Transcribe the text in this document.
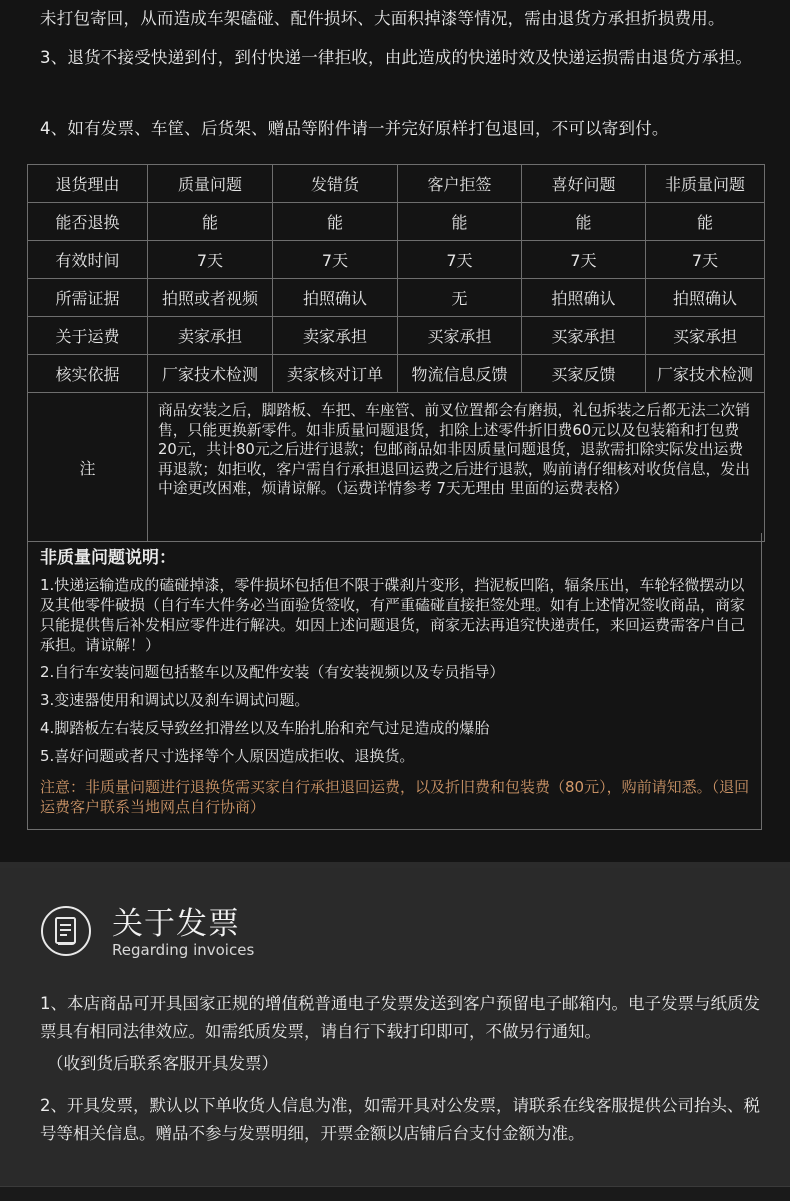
未打包寄回，从而造成车架磕碰、配件损坏、大面积掉漆等情况，需由退货方承担折损费用。
3、退货不接受快递到付，到付快递一律拒收，由此造成的快递时效及快递运损需由退货方承担。
4、如有发票、车筐、后货架、赠品等附件请一并完好原样打包退回，不可以寄到付。
退货理由	质量问题	发错货	客户拒签	喜好问题	非质量问题
能否退换	能	能	能	能	能
有效时间	7天	7天	7天	7天	7天
所需证据	拍照或者视频	拍照确认	无	拍照确认	拍照确认
关于运费	卖家承担	卖家承担	买家承担	买家承担	买家承担
核实依据	厂家技术检测	卖家核对订单	物流信息反馈	买家反馈	厂家技术检测
注	商品安装之后，脚踏板、车把、车座管、前叉位置都会有磨损，礼包拆装之后都无法二次销售，只能更换新零件。如非质量问题退货，扣除上述零件折旧费60元以及包装箱和打包费20元，共计80元之后进行退款；包邮商品如非因质量问题退货，退款需扣除实际发出运费再退款；如拒收，客户需自行承担退回运费之后进行退款，购前请仔细核对收货信息，发出中途更改困难，烦请谅解。（运费详情参考 7天无理由 里面的运费表格）				
非质量问题说明：
1.快递运输造成的磕碰掉漆，零件损坏包括但不限于碟刹片变形，挡泥板凹陷，辐条压出，车轮轻微摆动以及其他零件破损（自行车大件务必当面验货签收，有严重磕碰直接拒签处理。如有上述情况签收商品，商家只能提供售后补发相应零件进行解决。如因上述问题退货，商家无法再追究快递责任，来回运费需客户自己承担。请谅解！）
2.自行车安装问题包括整车以及配件安装（有安装视频以及专员指导）
3.变速器使用和调试以及刹车调试问题。
4.脚踏板左右装反导致丝扣滑丝以及车胎扎胎和充气过足造成的爆胎
5.喜好问题或者尺寸选择等个人原因造成拒收、退换货。
注意：非质量问题进行退换货需买家自行承担退回运费，以及折旧费和包装费（80元），购前请知悉。（退回运费客户联系当地网点自行协商）
关于发票
Regarding invoices
1、本店商品可开具国家正规的增值税普通电子发票发送到客户预留电子邮箱内。电子发票与纸质发票具有相同法律效应。如需纸质发票，请自行下载打印即可，不做另行通知。
（收到货后联系客服开具发票）
2、开具发票，默认以下单收货人信息为准，如需开具对公发票，请联系在线客服提供公司抬头、税号等相关信息。赠品不参与发票明细，开票金额以店铺后台支付金额为准。
